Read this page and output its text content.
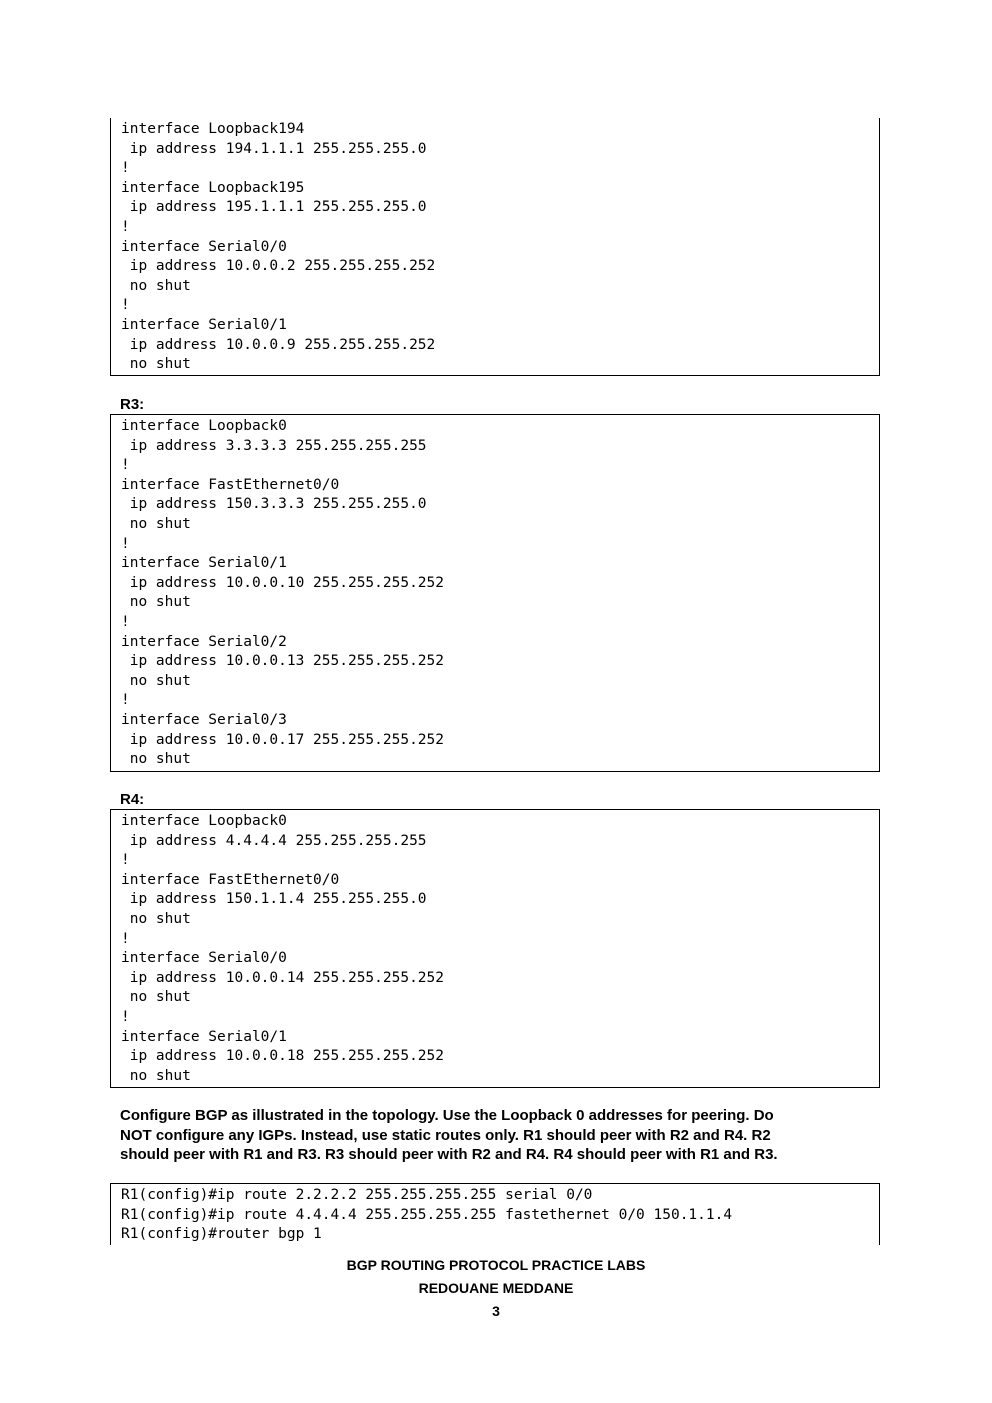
interface Loopback194
ip address 194.1.1.1 255.255.255.0
!
interface Loopback195
ip address 195.1.1.1 255.255.255.0
!
interface Serial0/0
ip address 10.0.0.2 255.255.255.252
no shut
!
interface Serial0/1
ip address 10.0.0.9 255.255.255.252
no shut
R3:
interface Loopback0
ip address 3.3.3.3 255.255.255.255
!
interface FastEthernet0/0
ip address 150.3.3.3 255.255.255.0
no shut
!
interface Serial0/1
ip address 10.0.0.10 255.255.255.252
no shut
!
interface Serial0/2
ip address 10.0.0.13 255.255.255.252
no shut
!
interface Serial0/3
ip address 10.0.0.17 255.255.255.252
no shut
R4:
interface Loopback0
ip address 4.4.4.4 255.255.255.255
!
interface FastEthernet0/0
ip address 150.1.1.4 255.255.255.0
no shut
!
interface Serial0/0
ip address 10.0.0.14 255.255.255.252
no shut
!
interface Serial0/1
ip address 10.0.0.18 255.255.255.252
no shut
Configure BGP as illustrated in the topology. Use the Loopback 0 addresses for peering. Do
NOT configure any IGPs. Instead, use static routes only. R1 should peer with R2 and R4. R2
should peer with R1 and R3. R3 should peer with R2 and R4. R4 should peer with R1 and R3.
R1(config)#ip route 2.2.2.2 255.255.255.255 serial 0/0
R1(config)#ip route 4.4.4.4 255.255.255.255 fastethernet 0/0 150.1.1.4
R1(config)#router bgp 1
BGP ROUTING PROTOCOL PRACTICE LABS
REDOUANE MEDDANE
3
